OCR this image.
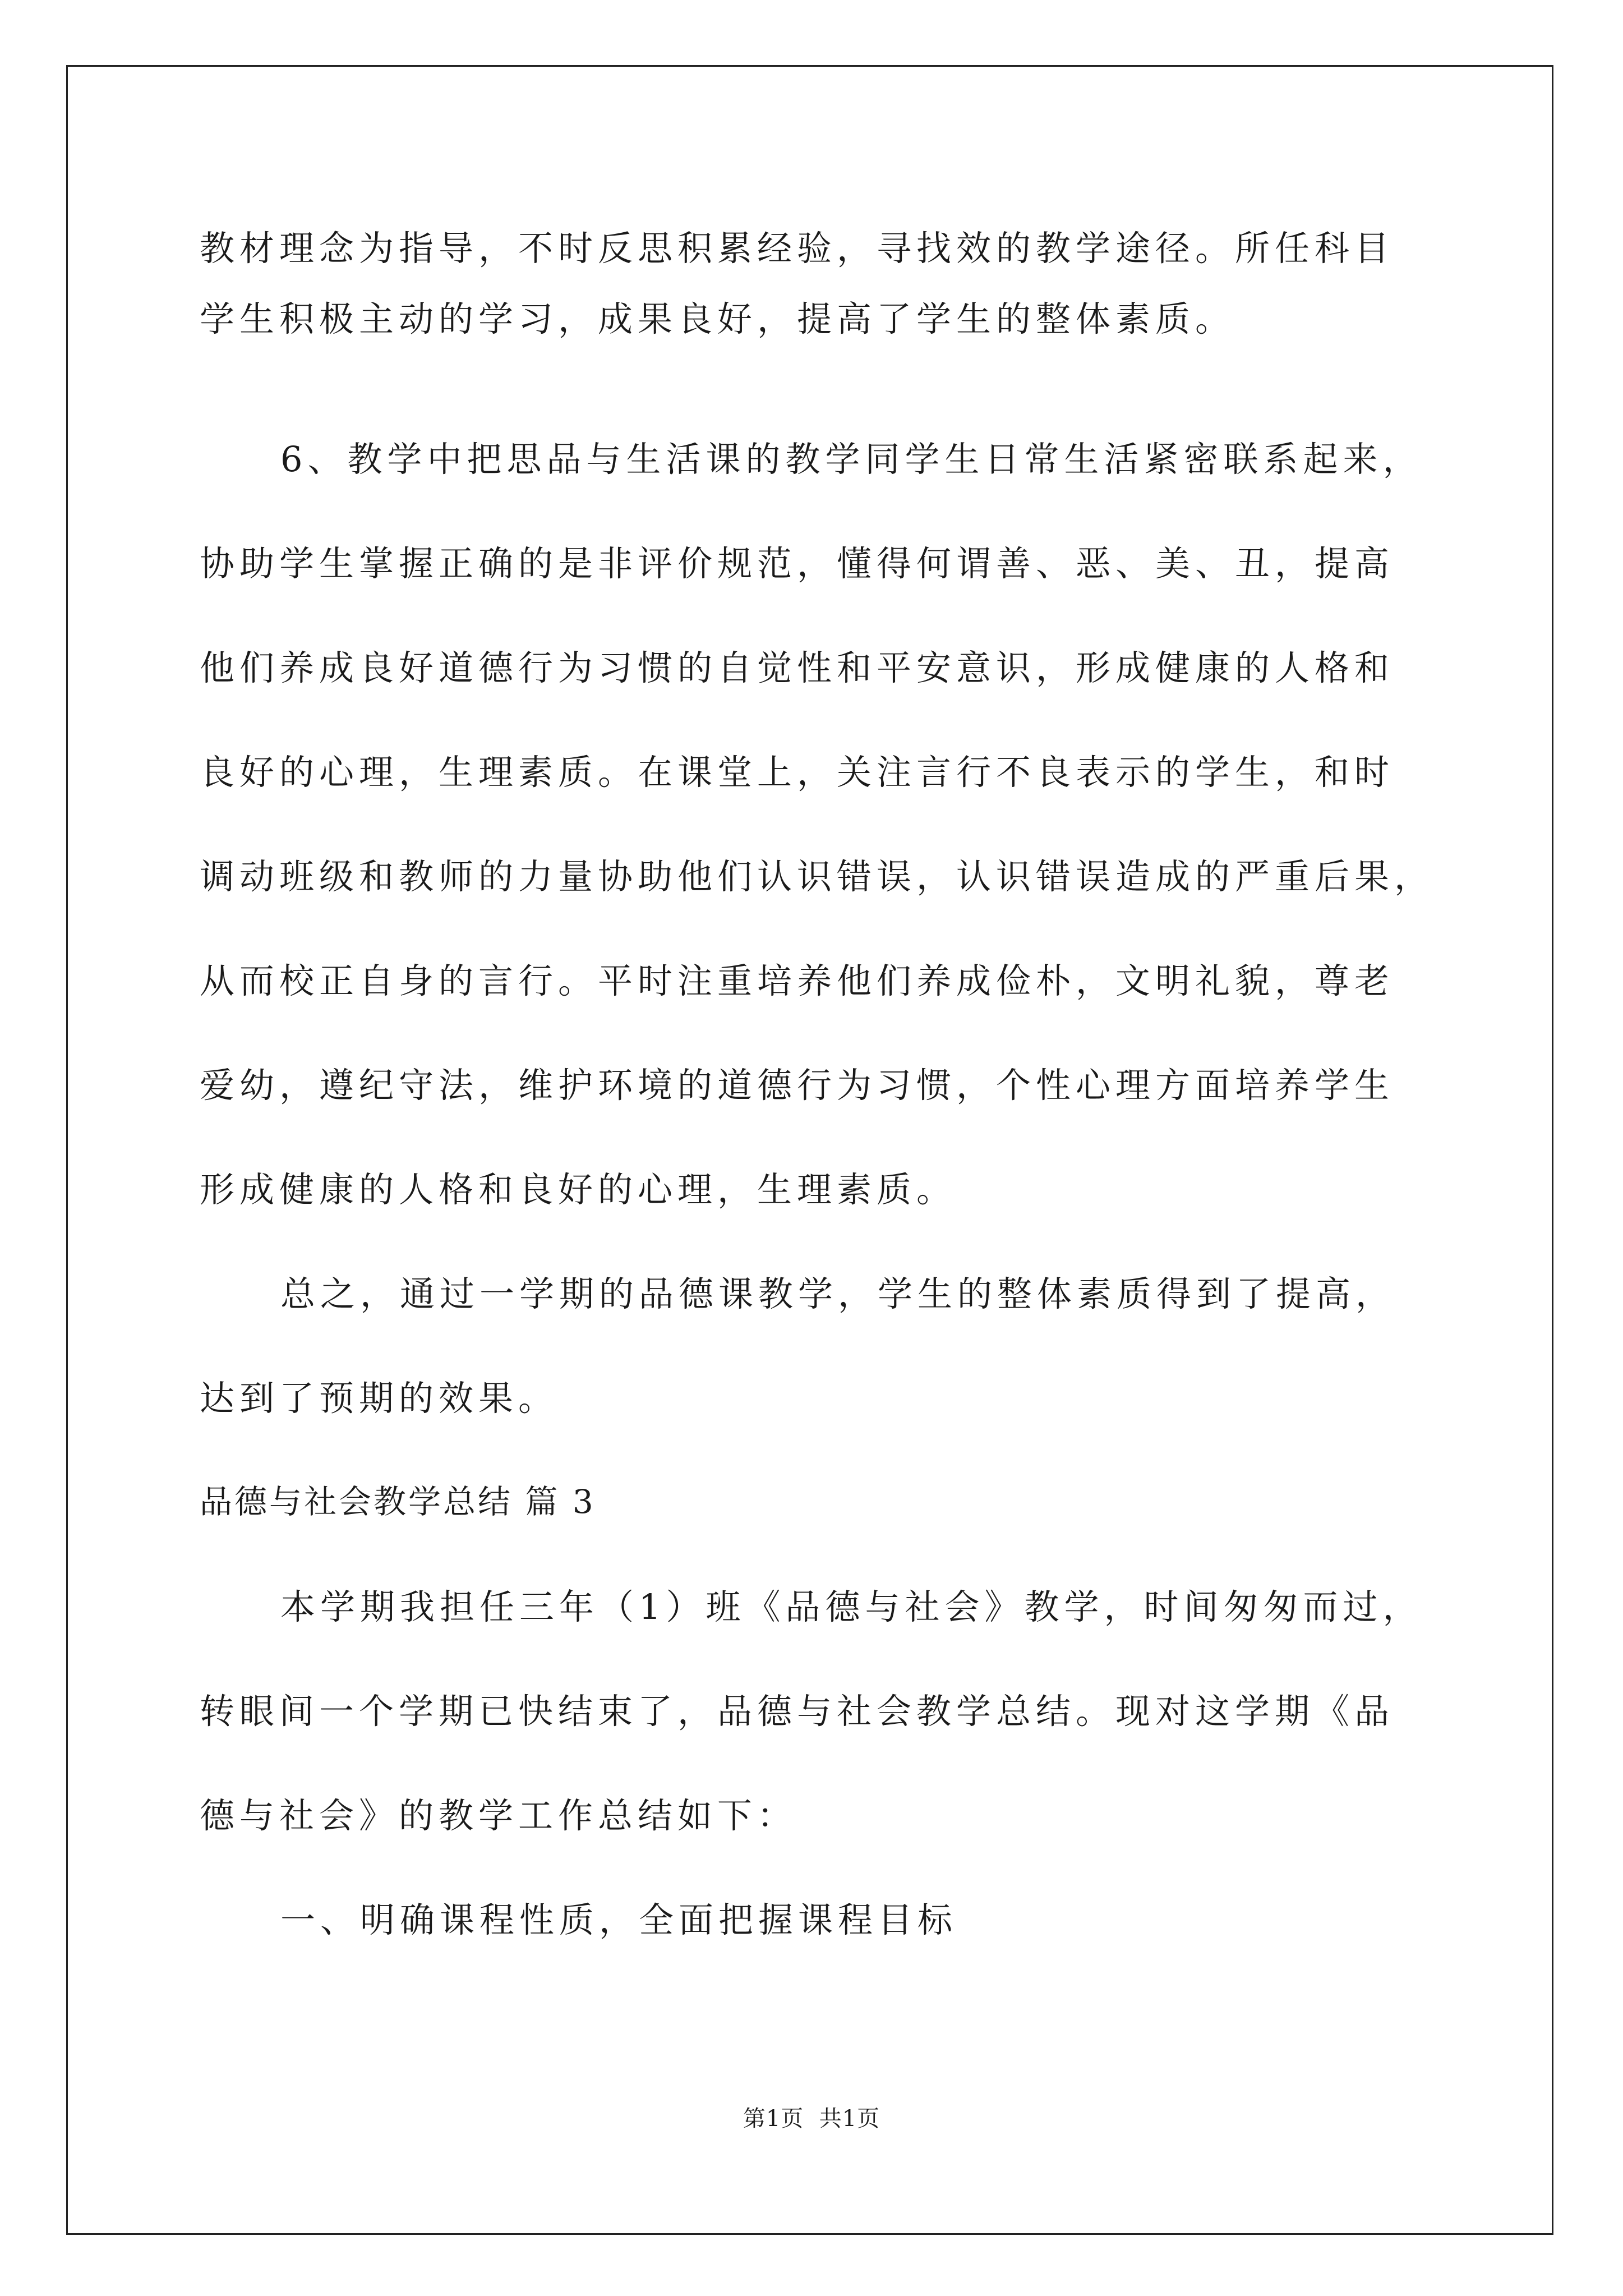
教材理念为指导，不时反思积累经验，寻找效的教学途径。所任科目
学生积极主动的学习，成果良好，提高了学生的整体素质。
6、教学中把思品与生活课的教学同学生日常生活紧密联系起来，
协助学生掌握正确的是非评价规范，懂得何谓善、恶、美、丑，提高
他们养成良好道德行为习惯的自觉性和平安意识，形成健康的人格和
良好的心理，生理素质。在课堂上，关注言行不良表示的学生，和时
调动班级和教师的力量协助他们认识错误，认识错误造成的严重后果，
从而校正自身的言行。平时注重培养他们养成俭朴，文明礼貌，尊老
爱幼，遵纪守法，维护环境的道德行为习惯，个性心理方面培养学生
形成健康的人格和良好的心理，生理素质。
总之，通过一学期的品德课教学，学生的整体素质得到了提高，
达到了预期的效果。
品德与社会教学总结 篇 3
本学期我担任三年（1）班《品德与社会》教学，时间匆匆而过，
转眼间一个学期已快结束了，品德与社会教学总结。现对这学期《品
德与社会》的教学工作总结如下：
一、明确课程性质，全面把握课程目标
第1页  共1页
